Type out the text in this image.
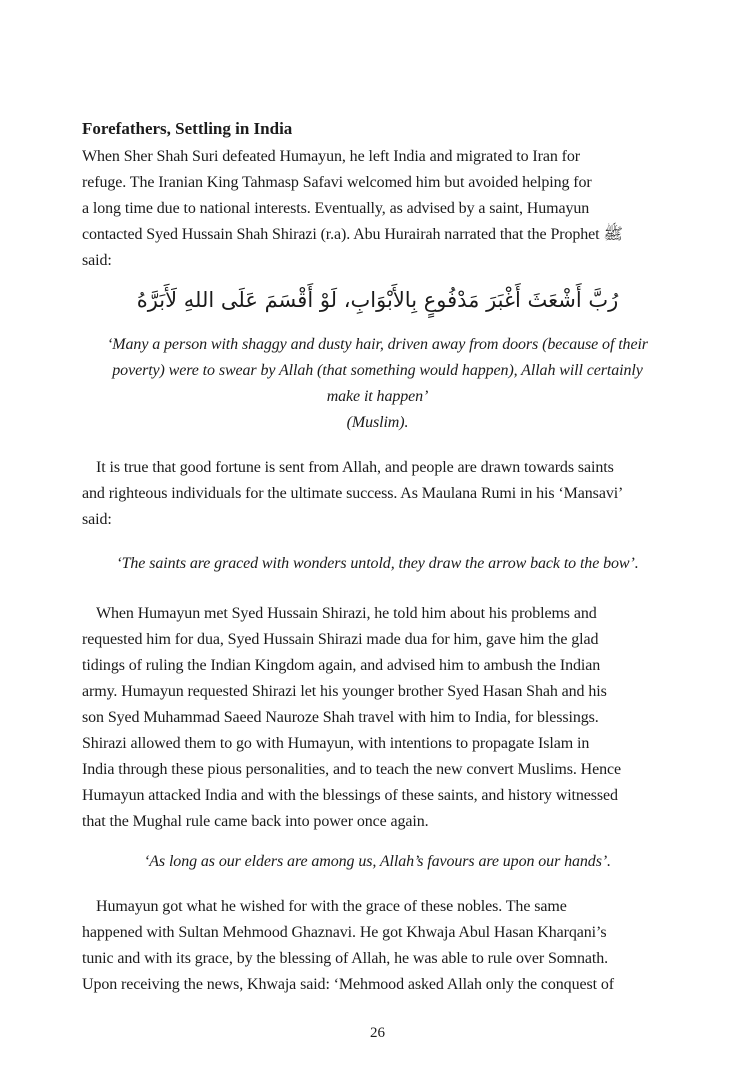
Forefathers, Settling in India
When Sher Shah Suri defeated Humayun, he left India and migrated to Iran for
refuge. The Iranian King Tahmasp Safavi welcomed him but avoided helping for
a long time due to national interests. Eventually, as advised by a saint, Humayun
contacted Syed Hussain Shah Shirazi (r.a). Abu Hurairah narrated that the Prophet ﷺ
said:
رُبَّ أَشْعَثَ أَغْبَرَ مَدْفُوعٍ بِالأَبْوَابِ، لَوْ أَقْسَمَ عَلَى اللهِ لَأَبَرَّهُ
‘Many a person with shaggy and dusty hair, driven away from doors (because of their
poverty) were to swear by Allah (that something would happen), Allah will certainly
make it happen’
(Muslim).
It is true that good fortune is sent from Allah, and people are drawn towards saints
and righteous individuals for the ultimate success. As Maulana Rumi in his ‘Mansavi’
said:
‘The saints are graced with wonders untold, they draw the arrow back to the bow’.
When Humayun met Syed Hussain Shirazi, he told him about his problems and
requested him for dua, Syed Hussain Shirazi made dua for him, gave him the glad
tidings of ruling the Indian Kingdom again, and advised him to ambush the Indian
army. Humayun requested Shirazi let his younger brother Syed Hasan Shah and his
son Syed Muhammad Saeed Nauroze Shah travel with him to India, for blessings.
Shirazi allowed them to go with Humayun, with intentions to propagate Islam in
India through these pious personalities, and to teach the new convert Muslims. Hence
Humayun attacked India and with the blessings of these saints, and history witnessed
that the Mughal rule came back into power once again.
‘As long as our elders are among us, Allah’s favours are upon our hands’.
Humayun got what he wished for with the grace of these nobles. The same
happened with Sultan Mehmood Ghaznavi. He got Khwaja Abul Hasan Kharqani’s
tunic and with its grace, by the blessing of Allah, he was able to rule over Somnath.
Upon receiving the news, Khwaja said: ‘Mehmood asked Allah only the conquest of
26
